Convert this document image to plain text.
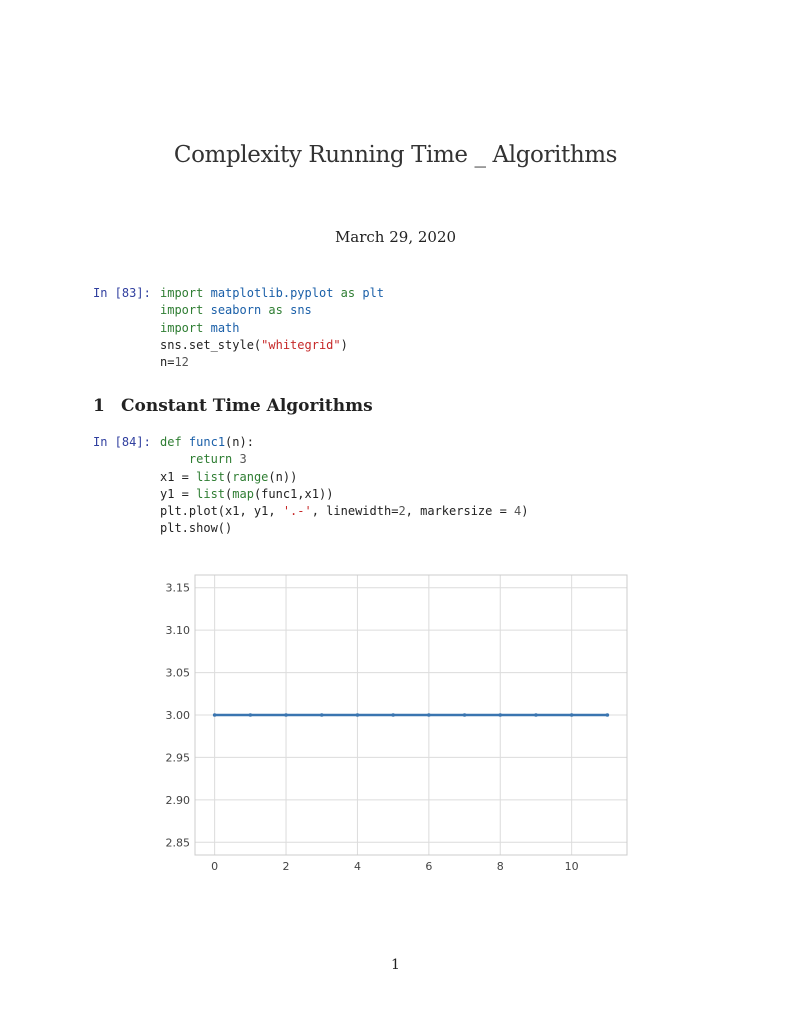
Complexity Running Time _ Algorithms
March 29, 2020

In [83]:

import matplotlib.pyplot as plt
import seaborn as sns
import math
sns.set_style("whitegrid")
n=12

1 Constant Time Algorithms

In [84]:

def func1(n):
return 3
x1 = list(range(n))
y1 = list(map(func1,x1))
plt.plot(x1, y1, '.-', linewidth=2, markersize = 4)
plt.show()

0	2	4	6	8	10
3.15
3.10
3.05
3.00
2.95
2.90
2.85
1
